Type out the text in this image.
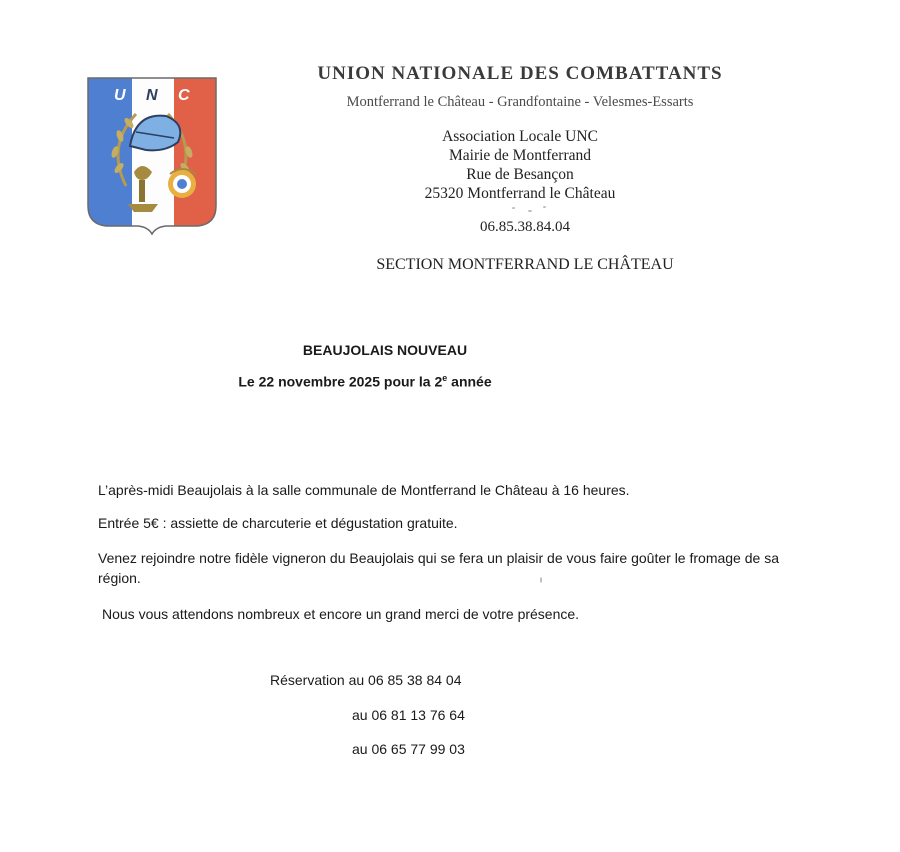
U N C
UNION NATIONALE DES COMBATTANTS
Montferrand le Château - Grandfontaine - Velesmes-Essarts
Association Locale UNC
Mairie de Montferrand
Rue de Besançon
25320 Montferrand le Château
06.85.38.84.04
SECTION MONTFERRAND LE CHÂTEAU
BEAUJOLAIS NOUVEAU
Le 22 novembre 2025 pour la 2e année
L’après-midi Beaujolais à la salle communale de Montferrand le Château à 16 heures.
Entrée 5€ : assiette de charcuterie et dégustation gratuite.
Venez rejoindre notre fidèle vigneron du Beaujolais qui se fera un plaisir de vous faire goûter le fromage de sa région.
Nous vous attendons nombreux et encore un grand merci de votre présence.
Réservation au 06 85 38 84 04
au 06 81 13 76 64
au 06 65 77 99 03
